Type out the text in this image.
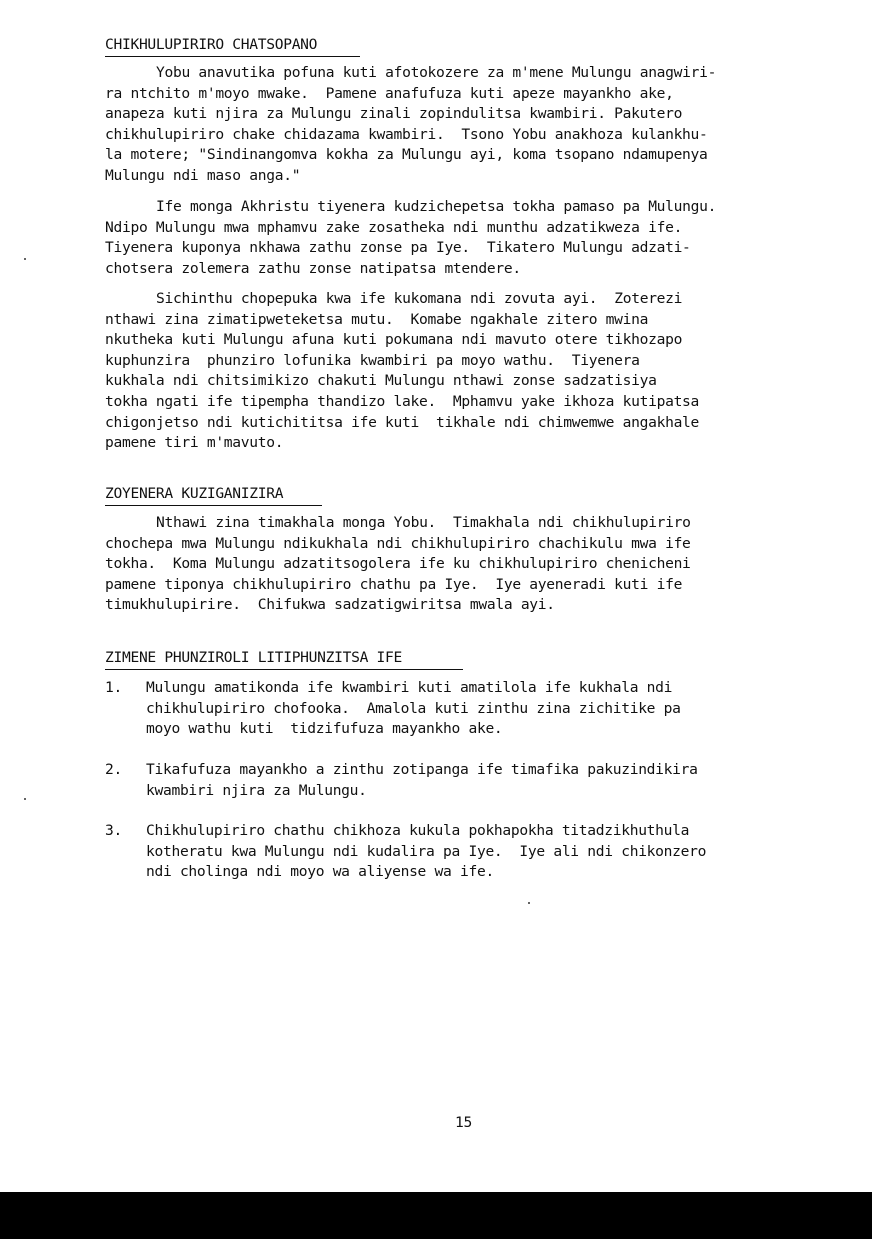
CHIKHULUPIRIRO CHATSOPANO
Yobu anavutika pofuna kuti afotokozere za m'mene Mulungu anagwiri-
ra ntchito m'moyo mwake.  Pamene anafufuza kuti apeze mayankho ake,
anapeza kuti njira za Mulungu zinali zopindulitsa kwambiri. Pakutero
chikhulupiriro chake chidazama kwambiri.  Tsono Yobu anakhoza kulankhu-
la motere; "Sindinangomva kokha za Mulungu ayi, koma tsopano ndamupenya
Mulungu ndi maso anga."
Ife monga Akhristu tiyenera kudzichepetsa tokha pamaso pa Mulungu.
Ndipo Mulungu mwa mphamvu zake zosatheka ndi munthu adzatikweza ife.
Tiyenera kuponya nkhawa zathu zonse pa Iye.  Tikatero Mulungu adzati-
chotsera zolemera zathu zonse natipatsa mtendere.
Sichinthu chopepuka kwa ife kukomana ndi zovuta ayi.  Zoterezi
nthawi zina zimatipweteketsa mutu.  Komabe ngakhale zitero mwina
nkutheka kuti Mulungu afuna kuti pokumana ndi mavuto otere tikhozapo
kuphunzira  phunziro lofunika kwambiri pa moyo wathu.  Tiyenera
kukhala ndi chitsimikizo chakuti Mulungu nthawi zonse sadzatisiya
tokha ngati ife tipempha thandizo lake.  Mphamvu yake ikhoza kutipatsa
chigonjetso ndi kutichititsa ife kuti  tikhale ndi chimwemwe angakhale
pamene tiri m'mavuto.
ZOYENERA KUZIGANIZIRA
Nthawi zina timakhala monga Yobu.  Timakhala ndi chikhulupiriro
chochepa mwa Mulungu ndikukhala ndi chikhulupiriro chachikulu mwa ife
tokha.  Koma Mulungu adzatitsogolera ife ku chikhulupiriro chenicheni
pamene tiponya chikhulupiriro chathu pa Iye.  Iye ayeneradi kuti ife
timukhulupirire.  Chifukwa sadzatigwiritsa mwala ayi.
ZIMENE PHUNZIROLI LITIPHUNZITSA IFE
1. Mulungu amatikonda ife kwambiri kuti amatilola ife kukhala ndi
chikhulupiriro chofooka.  Amalola kuti zinthu zina zichitike pa
moyo wathu kuti  tidzifufuza mayankho ake.
2. Tikafufuza mayankho a zinthu zotipanga ife timafika pakuzindikira
kwambiri njira za Mulungu.
3. Chikhulupiriro chathu chikhoza kukula pokhapokha titadzikhuthula
kotheratu kwa Mulungu ndi kudalira pa Iye.  Iye ali ndi chikonzero
ndi cholinga ndi moyo wa aliyense wa ife.
15
